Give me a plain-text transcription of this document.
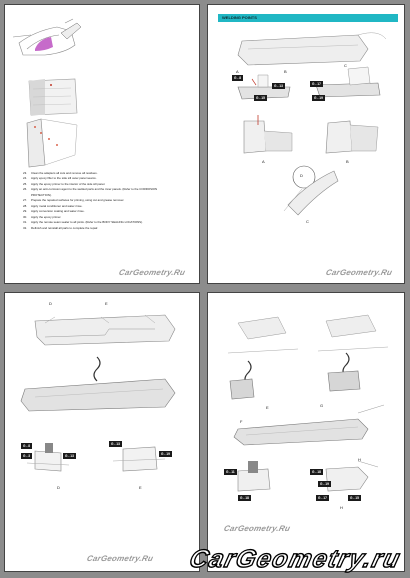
23. Clean the adapters all cuts and remove all residues.
24. Apply epoxy filler to the side sill outer panel seams.
25. Apply the epoxy primer to the interior of the side sill panel.
26. Apply an anti-corrosion agent to the welded parts and the inner panels. (Refer to the CORROSION
PROTECTION).
27. Prepare the repaired surfaces for priming, using cut and grease remover.
28. Apply metal conditioner and water rinse.
29. Apply conversion coating and water rinse.
30. Apply the epoxy primer.
31. Apply the remote seam sealer to all joints. (Refer to the BODY SEALING LOCATIONS).
32. Refinish and reinstall all parts to complete the repair.
CarGeometry.Ru
WELDING POINTS
G - 8
G - 13
G - 15
G - 17
G - 19
A	B
C
D
A	B
C
CarGeometry.Ru
D	E
G - 8
G - 3	G - 13
G - 13
G - 19
D	E
CarGeometry.Ru
E
F
G
H
G - 11
G - 18
G - 18
G - 19
G - 17	G - 15
H
CarGeometry.Ru
CarGeometry.ru
